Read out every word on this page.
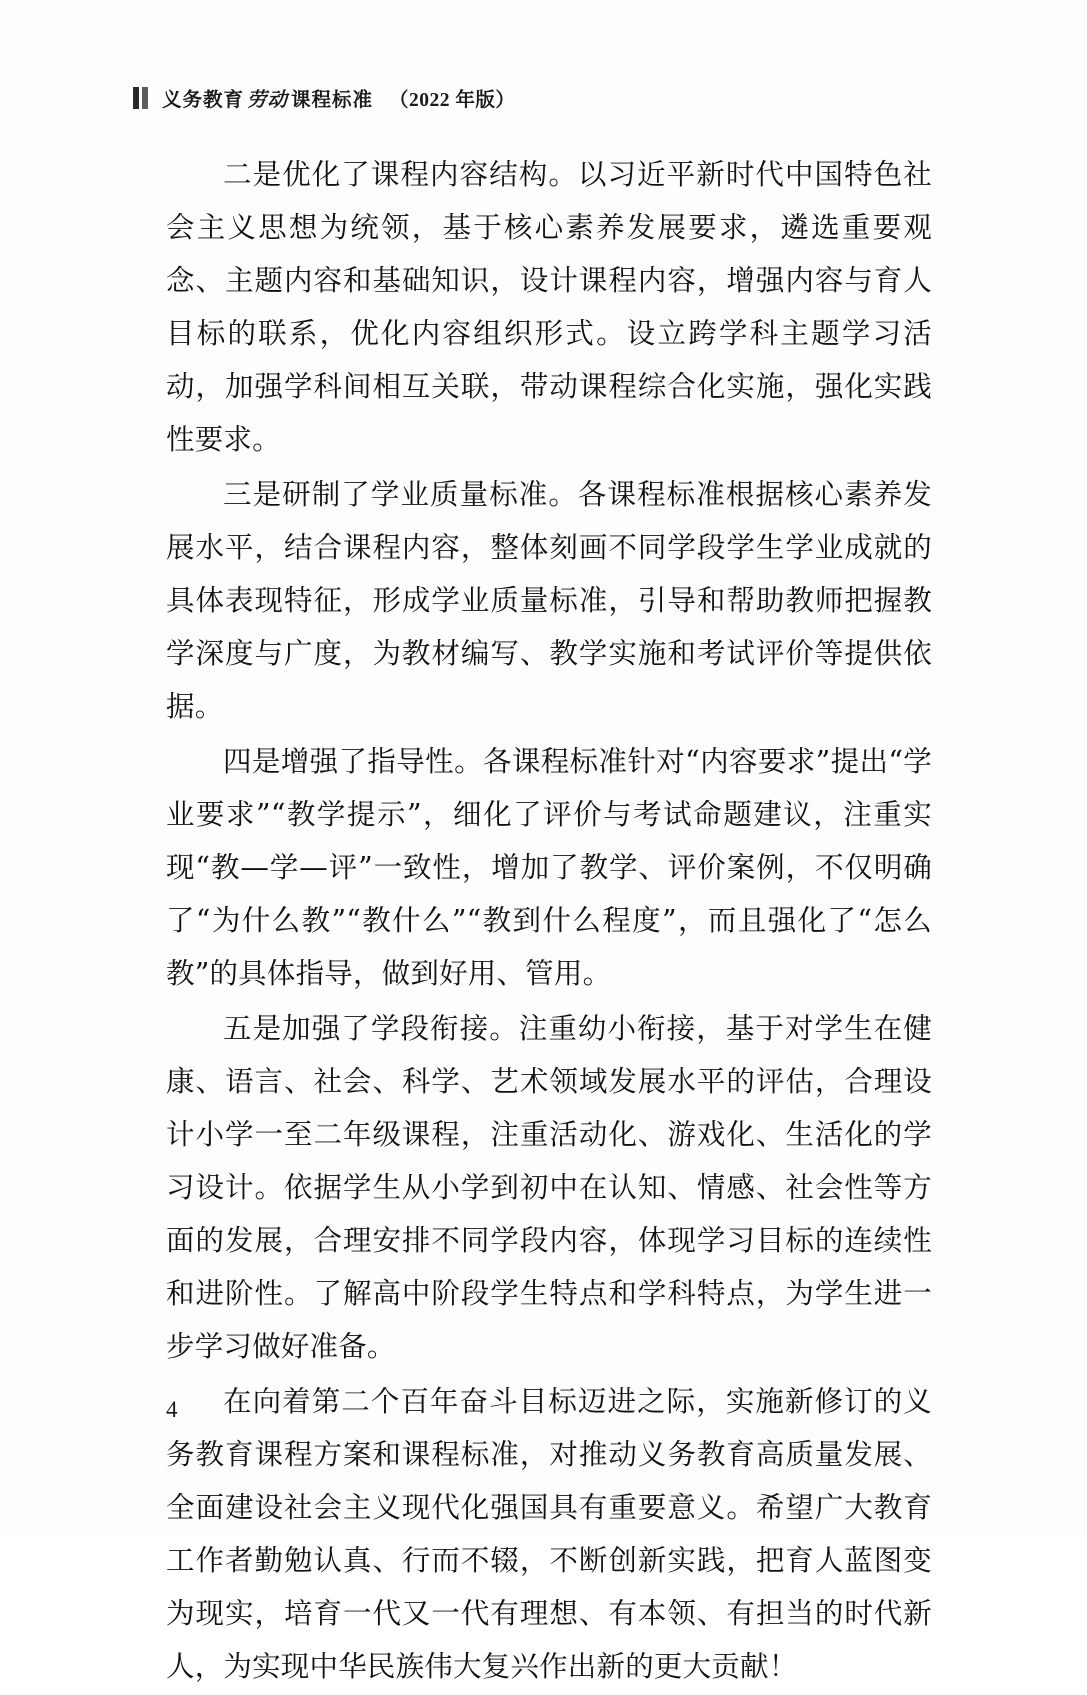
义务教育 劳动 课程标准 （2022 年版）

二是优化了课程内容结构。以习近平新时代中国特色社会主义思想为统领，基于核心素养发展要求，遴选重要观念、主题内容和基础知识，设计课程内容，增强内容与育人目标的联系，优化内容组织形式。设立跨学科主题学习活动，加强学科间相互关联，带动课程综合化实施，强化实践性要求。

三是研制了学业质量标准。各课程标准根据核心素养发展水平，结合课程内容，整体刻画不同学段学生学业成就的具体表现特征，形成学业质量标准，引导和帮助教师把握教学深度与广度，为教材编写、教学实施和考试评价等提供依据。

四是增强了指导性。各课程标准针对“内容要求”提出“学业要求”“教学提示”，细化了评价与考试命题建议，注重实现“教—学—评”一致性，增加了教学、评价案例，不仅明确了“为什么教”“教什么”“教到什么程度”，而且强化了“怎么教”的具体指导，做到好用、管用。

五是加强了学段衔接。注重幼小衔接，基于对学生在健康、语言、社会、科学、艺术领域发展水平的评估，合理设计小学一至二年级课程，注重活动化、游戏化、生活化的学习设计。依据学生从小学到初中在认知、情感、社会性等方面的发展，合理安排不同学段内容，体现学习目标的连续性和进阶性。了解高中阶段学生特点和学科特点，为学生进一步学习做好准备。

在向着第二个百年奋斗目标迈进之际，实施新修订的义务教育课程方案和课程标准，对推动义务教育高质量发展、全面建设社会主义现代化强国具有重要意义。希望广大教育工作者勤勉认真、行而不辍，不断创新实践，把育人蓝图变为现实，培育一代又一代有理想、有本领、有担当的时代新人，为实现中华民族伟大复兴作出新的更大贡献！

4
